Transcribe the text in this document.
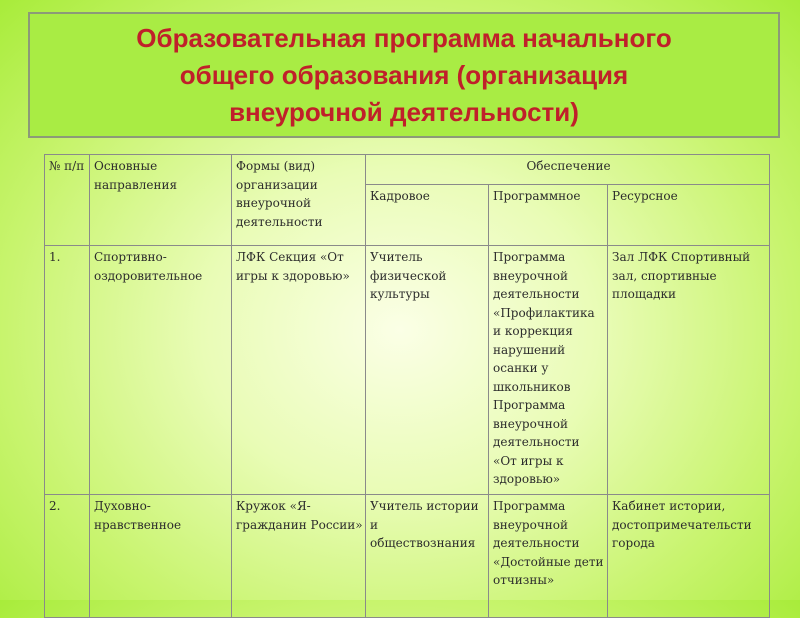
Образовательная программа начального
общего образования (организация
внеурочной деятельности)
№ п/п	Основные направления	Формы (вид) организации внеурочной деятельности	Обеспечение		
			Кадровое	Программное	Ресурсное
1.	Спортивно-оздоровительное	ЛФК Секция «От игры к здоровью»	Учитель физической культуры	Программа внеурочной деятельности «Профилактика и коррекция нарушений осанки у школьников Программа внеурочной деятельности «От игры к здоровью»	Зал ЛФК Спортивный зал, спортивные площадки
2.	Духовно-нравственное	Кружок «Я-гражданин России»	Учитель истории и обществознания	Программа внеурочной деятельности «Достойные дети отчизны»	Кабинет истории, достопримечательсти города
